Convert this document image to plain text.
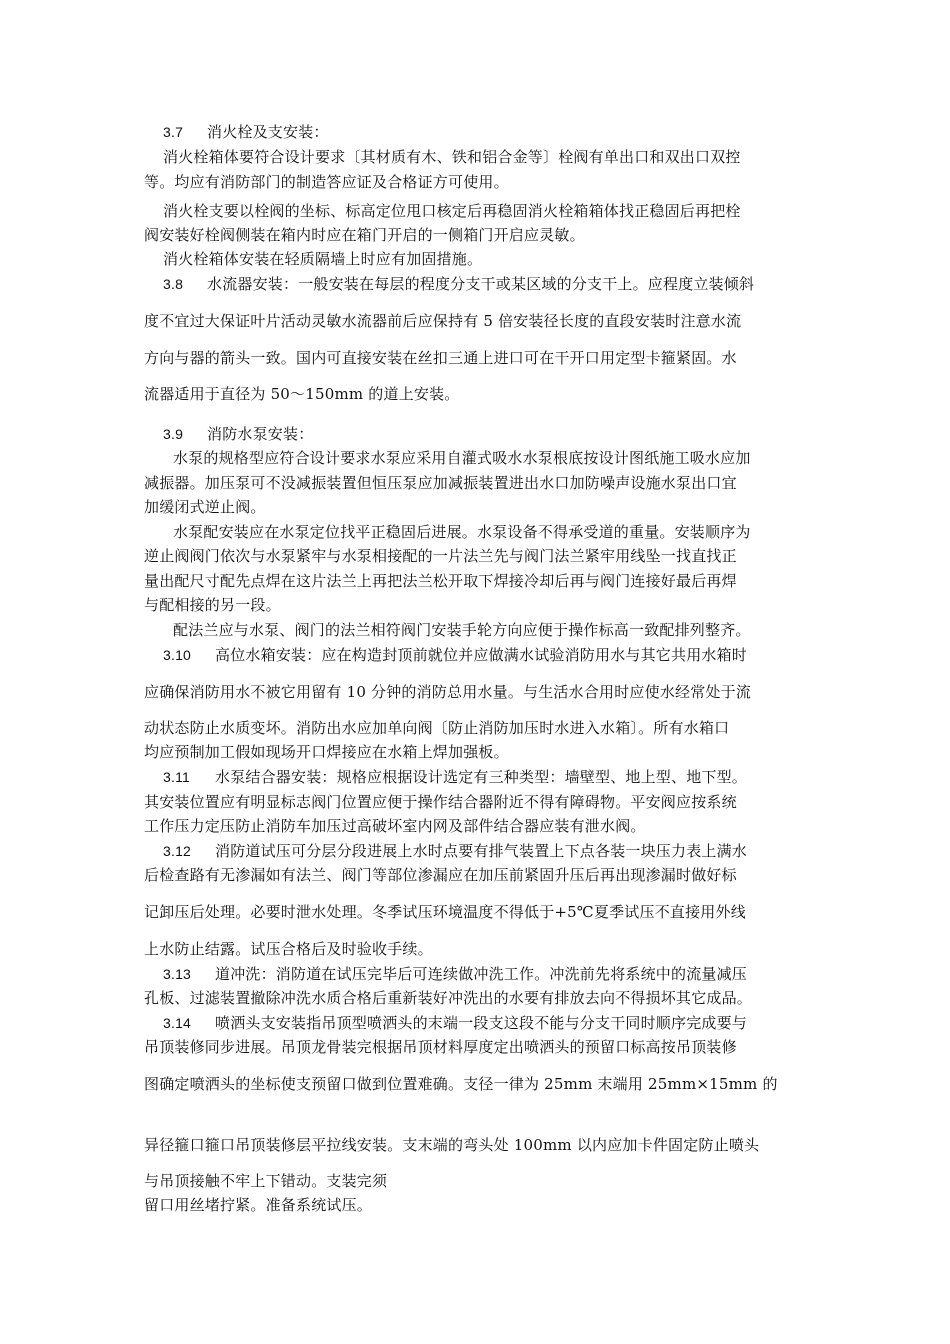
3.7 消火栓及支安装：
消火栓箱体要符合设计要求〔其材质有木、铁和铝合金等〕栓阀有单出口和双出口双控
等。均应有消防部门的制造答应证及合格证方可使用。
消火栓支要以栓阀的坐标、标高定位甩口核定后再稳固消火栓箱箱体找正稳固后再把栓
阀安装好栓阀侧装在箱内时应在箱门开启的一侧箱门开启应灵敏。
消火栓箱体安装在轻质隔墙上时应有加固措施。
3.8 水流器安装：一般安装在每层的程度分支干或某区域的分支干上。应程度立装倾斜
度不宜过大保证叶片活动灵敏水流器前后应保持有 5 倍安装径长度的直段安装时注意水流
方向与器的箭头一致。国内可直接安装在丝扣三通上进口可在干开口用定型卡箍紧固。水
流器适用于直径为 50～150mm 的道上安装。
3.9 消防水泵安装：
水泵的规格型应符合设计要求水泵应采用自灌式吸水水泵根底按设计图纸施工吸水应加
减振器。加压泵可不没减振装置但恒压泵应加减振装置进出水口加防噪声设施水泵出口宜
加缓闭式逆止阀。
水泵配安装应在水泵定位找平正稳固后进展。水泵设备不得承受道的重量。安装顺序为
逆止阀阀门依次与水泵紧牢与水泵相接配的一片法兰先与阀门法兰紧牢用线坠一找直找正
量出配尺寸配先点焊在这片法兰上再把法兰松开取下焊接冷却后再与阀门连接好最后再焊
与配相接的另一段。
配法兰应与水泵、阀门的法兰相符阀门安装手轮方向应便于操作标高一致配排列整齐。
3.10 高位水箱安装：应在构造封顶前就位并应做满水试验消防用水与其它共用水箱时
应确保消防用水不被它用留有 10 分钟的消防总用水量。与生活水合用时应使水经常处于流
动状态防止水质变坏。消防出水应加单向阀〔防止消防加压时水进入水箱〕。所有水箱口
均应预制加工假如现场开口焊接应在水箱上焊加强板。
3.11 水泵结合器安装：规格应根据设计选定有三种类型：墙壁型、地上型、地下型。
其安装位置应有明显标志阀门位置应便于操作结合器附近不得有障碍物。平安阀应按系统
工作压力定压防止消防车加压过高破坏室内网及部件结合器应装有泄水阀。
3.12 消防道试压可分层分段进展上水时点要有排气装置上下点各装一块压力表上满水
后检查路有无渗漏如有法兰、阀门等部位渗漏应在加压前紧固升压后再出现渗漏时做好标
记卸压后处理。必要时泄水处理。冬季试压环境温度不得低于+5℃夏季试压不直接用外线
上水防止结露。试压合格后及时验收手续。
3.13 道冲洗：消防道在试压完毕后可连续做冲洗工作。冲洗前先将系统中的流量减压
孔板、过滤装置撤除冲洗水质合格后重新装好冲洗出的水要有排放去向不得损坏其它成品。
3.14 喷洒头支安装指吊顶型喷洒头的末端一段支这段不能与分支干同时顺序完成要与
吊顶装修同步进展。吊顶龙骨装完根据吊顶材料厚度定出喷洒头的预留口标高按吊顶装修
图确定喷洒头的坐标使支预留口做到位置难确。支径一律为 25mm 末端用 25mm×15mm 的
异径箍口箍口吊顶装修层平拉线安装。支末端的弯头处 100mm 以内应加卡件固定防止喷头
与吊顶接触不牢上下错动。支装完须
留口用丝堵拧紧。准备系统试压。
